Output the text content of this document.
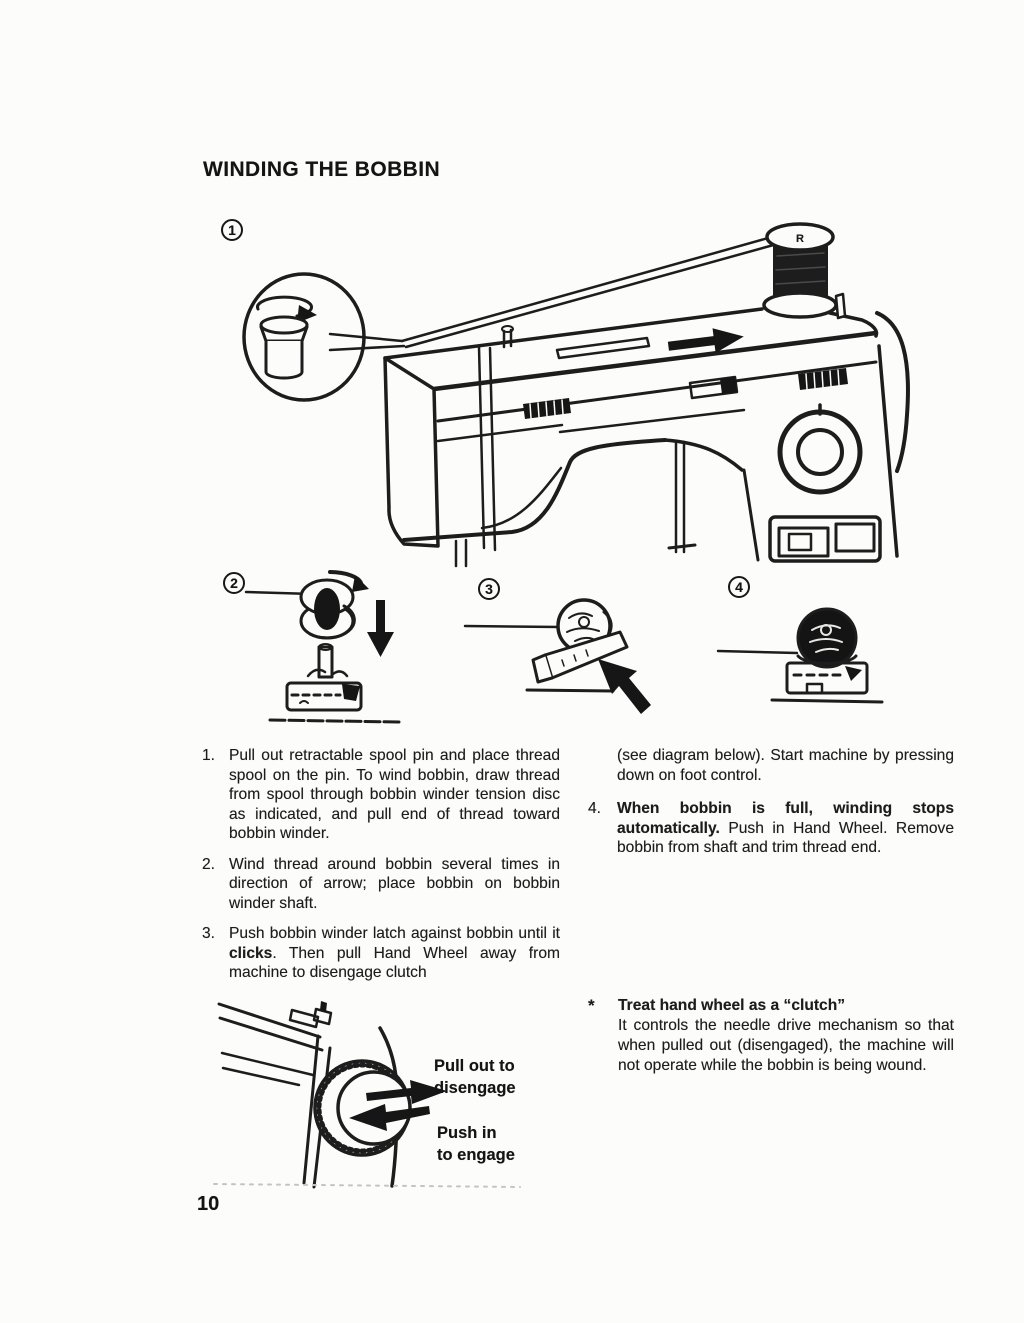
WINDING THE BOBBIN
1
2	3	4
R
1. Pull out retractable spool pin and place thread spool on the pin. To wind bobbin, draw thread from spool through bobbin winder tension disc as indicated, and pull end of thread toward bobbin winder.
2. Wind thread around bobbin several times in direction of arrow; place bobbin on bobbin winder shaft.
3. Push bobbin winder latch against bobbin until it clicks. Then pull Hand Wheel away from machine to disengage clutch
(see diagram below). Start machine by pressing down on foot control.
4.	When bobbin is full, winding stops automatically. Push in Hand Wheel. Remove bobbin from shaft and trim thread end.
*	Treat hand wheel as a “clutch”
It controls the needle drive mechanism so that when pulled out (disengaged), the machine will not operate while the bobbin is being wound.
Pull out to
disengage
Push in
to engage
10
